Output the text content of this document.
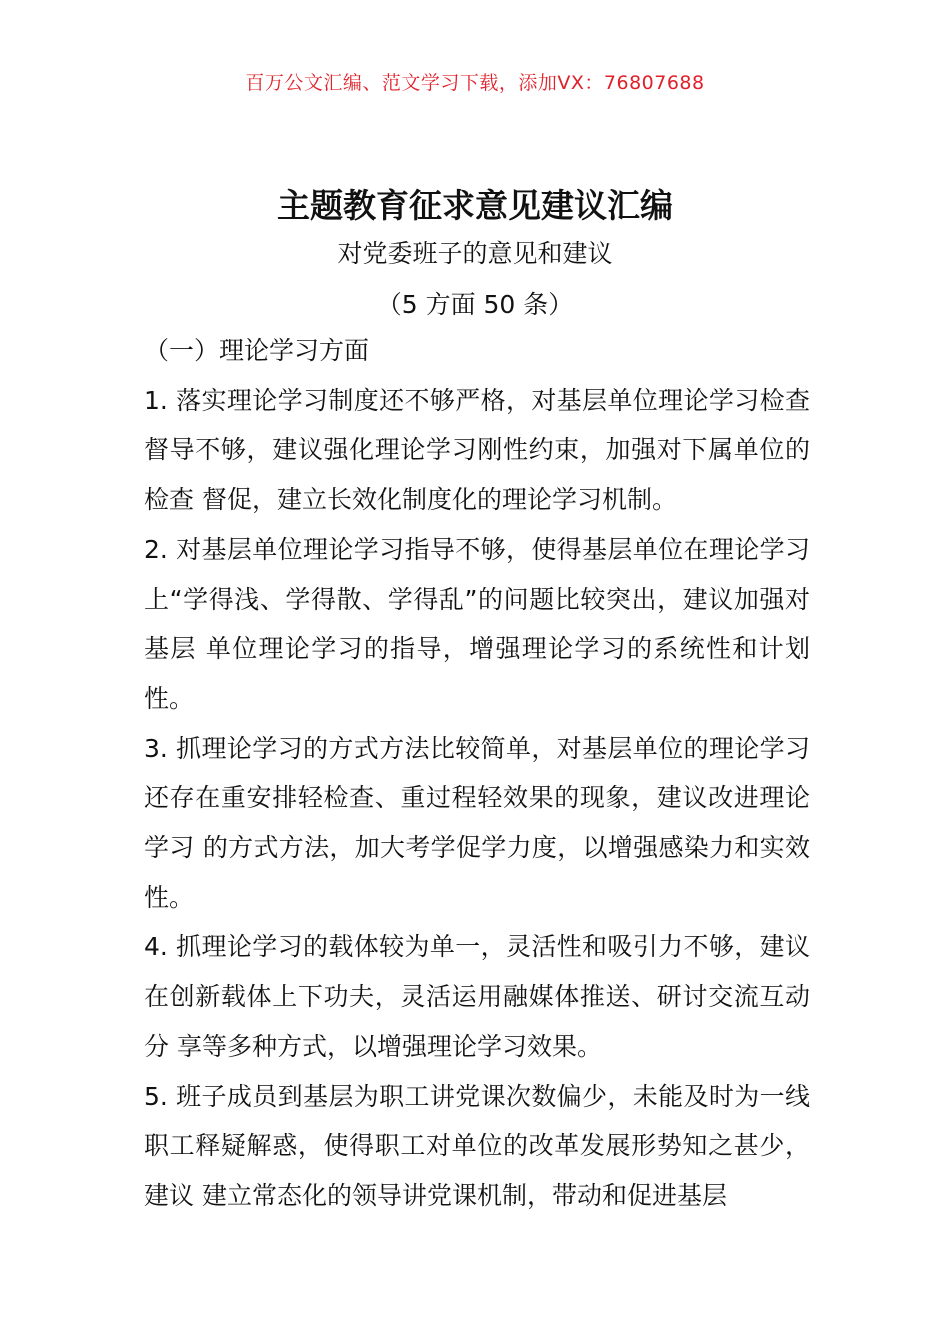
百万公文汇编、范文学习下载，添加VX：76807688
主题教育征求意见建议汇编
对党委班子的意见和建议
（5 方面 50 条）

（一）理论学习方面

1. 落实理论学习制度还不够严格，对基层单位理论学习检查督导不够，建议强化理论学习刚性约束，加强对下属单位的检查 督促，建立长效化制度化的理论学习机制。

2. 对基层单位理论学习指导不够，使得基层单位在理论学习上“学得浅、学得散、学得乱”的问题比较突出，建议加强对基层 单位理论学习的指导，增强理论学习的系统性和计划性。

3. 抓理论学习的方式方法比较简单，对基层单位的理论学习还存在重安排轻检查、重过程轻效果的现象，建议改进理论学习 的方式方法，加大考学促学力度，以增强感染力和实效性。

4. 抓理论学习的载体较为单一，灵活性和吸引力不够，建议在创新载体上下功夫，灵活运用融媒体推送、研讨交流互动分 享等多种方式，以增强理论学习效果。

5. 班子成员到基层为职工讲党课次数偏少，未能及时为一线职工释疑解惑，使得职工对单位的改革发展形势知之甚少，建议 建立常态化的领导讲党课机制，带动和促进基层
